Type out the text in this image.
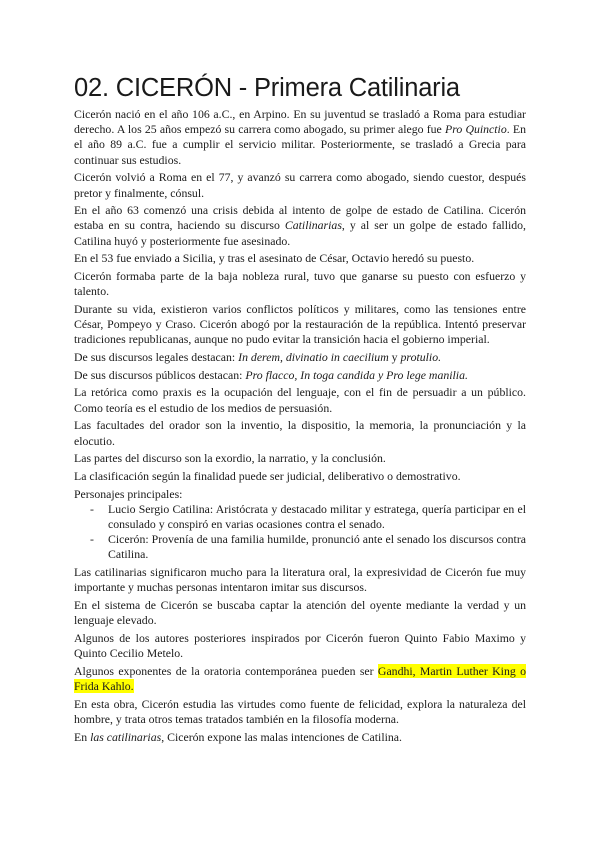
02. CICERÓN - Primera Catilinaria

Cicerón nació en el año 106 a.C., en Arpino. En su juventud se trasladó a Roma para estudiar derecho. A los 25 años empezó su carrera como abogado, su primer alego fue Pro Quinctio. En el año 89 a.C. fue a cumplir el servicio militar. Posteriormente, se trasladó a Grecia para continuar sus estudios.

Cicerón volvió a Roma en el 77, y avanzó su carrera como abogado, siendo cuestor, después pretor y finalmente, cónsul.

En el año 63 comenzó una crisis debida al intento de golpe de estado de Catilina. Cicerón estaba en su contra, haciendo su discurso Catilinarias, y al ser un golpe de estado fallido, Catilina huyó y posteriormente fue asesinado.

En el 53 fue enviado a Sicilia, y tras el asesinato de César, Octavio heredó su puesto.

Cicerón formaba parte de la baja nobleza rural, tuvo que ganarse su puesto con esfuerzo y talento.

Durante su vida, existieron varios conflictos políticos y militares, como las tensiones entre César, Pompeyo y Craso. Cicerón abogó por la restauración de la república. Intentó preservar tradiciones republicanas, aunque no pudo evitar la transición hacia el gobierno imperial.

De sus discursos legales destacan: In derem, divinatio in caecilium y protulio.

De sus discursos públicos destacan: Pro flacco, In toga candida y Pro lege manilia.

La retórica como praxis es la ocupación del lenguaje, con el fin de persuadir a un público. Como teoría es el estudio de los medios de persuasión.

Las facultades del orador son la inventio, la dispositio, la memoria, la pronunciación y la elocutio.

Las partes del discurso son la exordio, la narratio, y la conclusión.

La clasificación según la finalidad puede ser judicial, deliberativo o demostrativo.

Personajes principales:

- Lucio Sergio Catilina: Aristócrata y destacado militar y estratega, quería participar en el consulado y conspiró en varias ocasiones contra el senado.
- Cicerón: Provenía de una familia humilde, pronunció ante el senado los discursos contra Catilina.

Las catilinarias significaron mucho para la literatura oral, la expresividad de Cicerón fue muy importante y muchas personas intentaron imitar sus discursos.

En el sistema de Cicerón se buscaba captar la atención del oyente mediante la verdad y un lenguaje elevado.

Algunos de los autores posteriores inspirados por Cicerón fueron Quinto Fabio Maximo y Quinto Cecilio Metelo.

Algunos exponentes de la oratoria contemporánea pueden ser Gandhi, Martin Luther King o Frida Kahlo.

En esta obra, Cicerón estudia las virtudes como fuente de felicidad, explora la naturaleza del hombre, y trata otros temas tratados también en la filosofía moderna.

En las catilinarias, Cicerón expone las malas intenciones de Catilina.
